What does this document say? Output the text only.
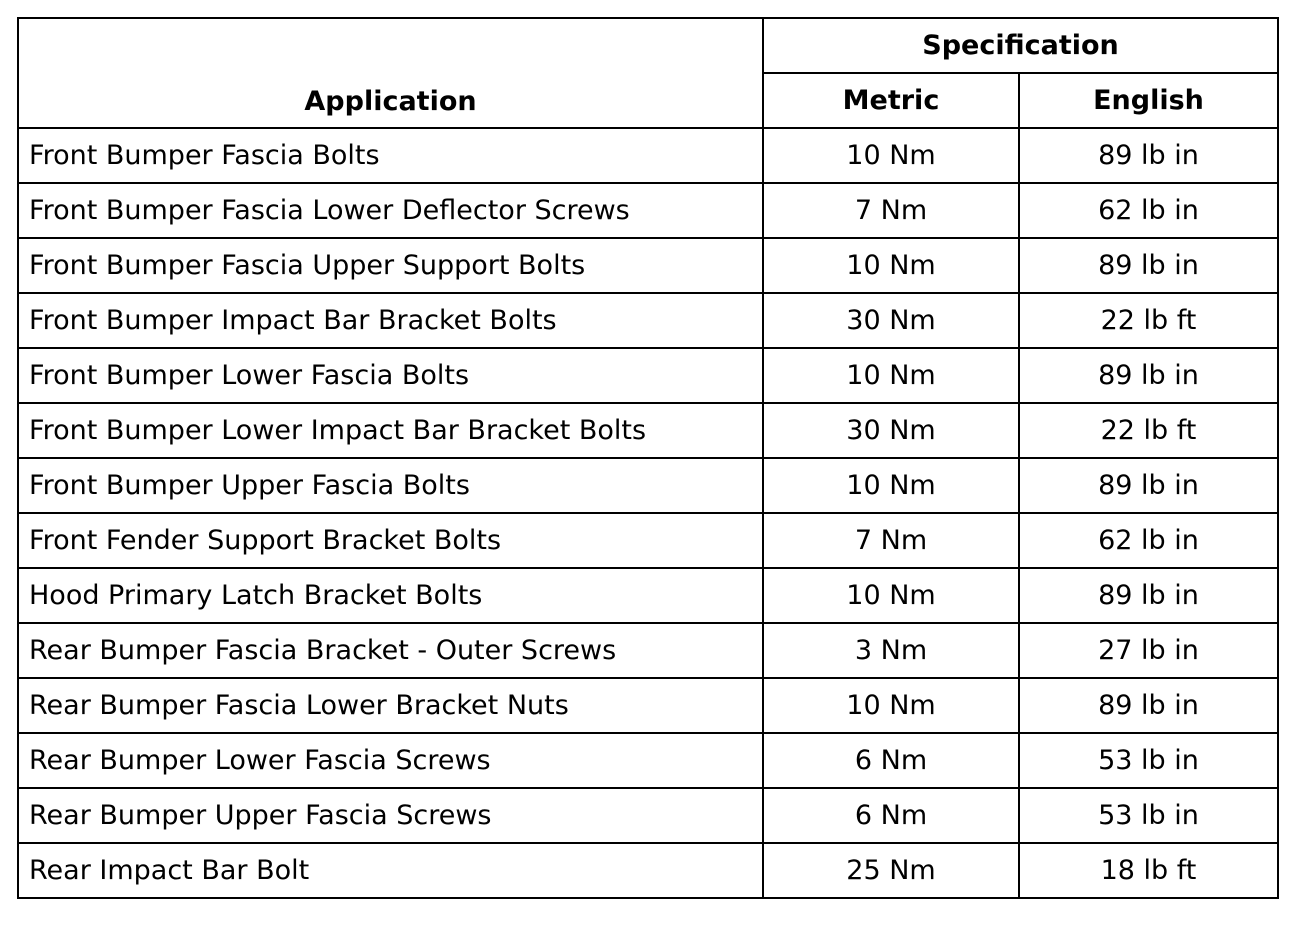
Application	Specification	
	Metric	English
Front Bumper Fascia Bolts	10 Nm	89 lb in
Front Bumper Fascia Lower Deflector Screws	7 Nm	62 lb in
Front Bumper Fascia Upper Support Bolts	10 Nm	89 lb in
Front Bumper Impact Bar Bracket Bolts	30 Nm	22 lb ft
Front Bumper Lower Fascia Bolts	10 Nm	89 lb in
Front Bumper Lower Impact Bar Bracket Bolts	30 Nm	22 lb ft
Front Bumper Upper Fascia Bolts	10 Nm	89 lb in
Front Fender Support Bracket Bolts	7 Nm	62 lb in
Hood Primary Latch Bracket Bolts	10 Nm	89 lb in
Rear Bumper Fascia Bracket - Outer Screws	3 Nm	27 lb in
Rear Bumper Fascia Lower Bracket Nuts	10 Nm	89 lb in
Rear Bumper Lower Fascia Screws	6 Nm	53 lb in
Rear Bumper Upper Fascia Screws	6 Nm	53 lb in
Rear Impact Bar Bolt	25 Nm	18 lb ft
